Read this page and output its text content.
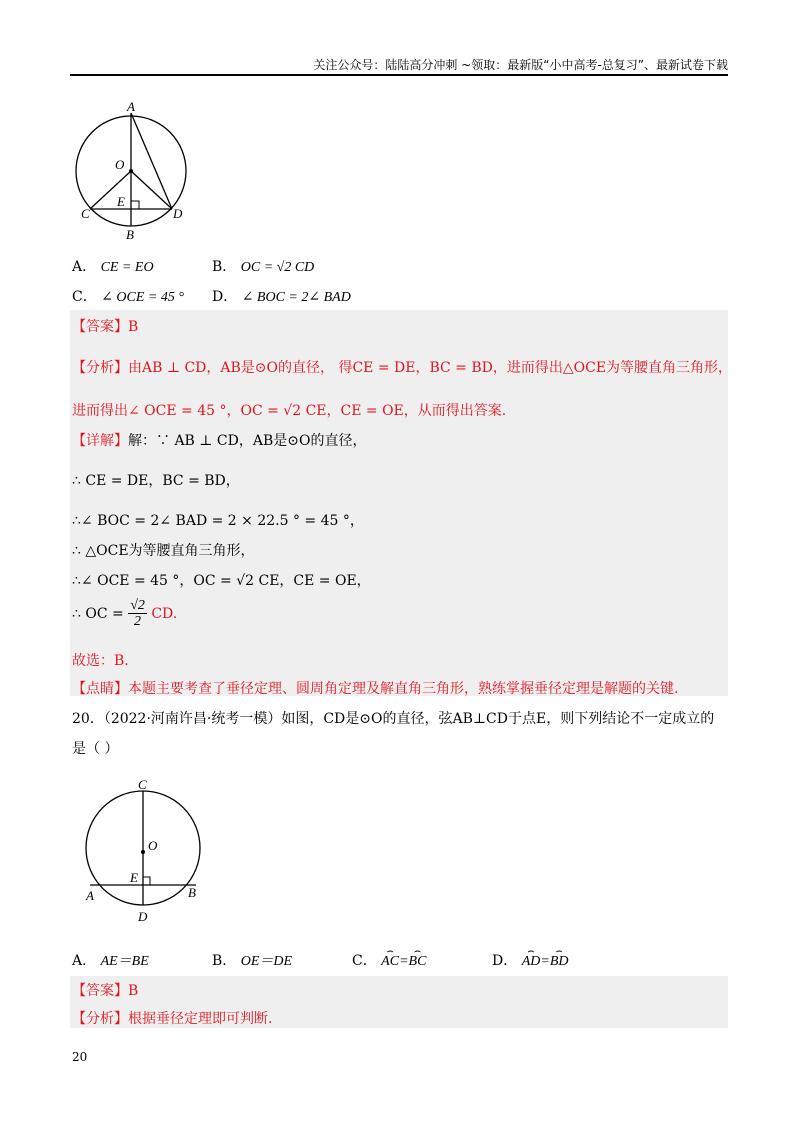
关注公众号：陆陆高分冲刺 ~领取：最新版“小中高考-总复习”、最新试卷下载
A
O
E
C	D
B
A． CE = EO	B． OC = √2 CD
C． ∠ OCE = 45 ° D． ∠ BOC = 2∠ BAD
【答案】B
【分析】由AB ⊥ CD，AB是⊙O的直径， 得CE = DE，BC = BD，进而得出△OCE为等腰直角三角形，
进而得出∠ OCE = 45 °，OC = √2 CE，CE = OE，从而得出答案.
【详解】解：∵ AB ⊥ CD，AB是⊙O的直径，
∴ CE = DE，BC = BD，
∴∠ BOC = 2∠ BAD = 2 × 22.5 ° = 45 °，
∴ △OCE为等腰直角三角形，
∴∠ OCE = 45 °，OC = √2 CE，CE = OE，
∴ OC = $\frac{√2}{2}$ CD.
故选：B.
【点睛】本题主要考查了垂径定理、圆周角定理及解直角三角形，熟练掌握垂径定理是解题的关键.
20．（2022·河南许昌·统考一模）如图，CD是⊙O的直径，弦AB⊥CD于点E，则下列结论不一定成立的
是（ ）
C
O
E
A	B
D
A． AE＝BE	B． OE＝DE	C． ⌢ AC=⌢ BC	D． ⌢ AD=⌢ BD
【答案】B
【分析】根据垂径定理即可判断.
20
